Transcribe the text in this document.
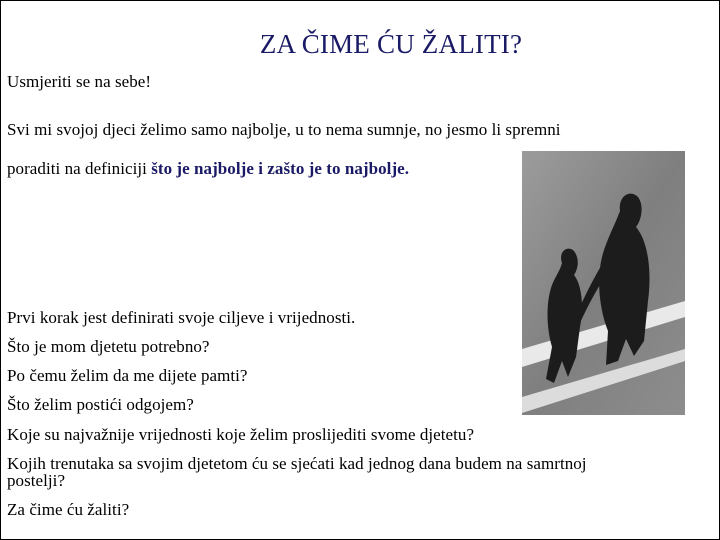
ZA ČIME ĆU ŽALITI?
Usmjeriti se na sebe!
Svi mi svojoj djeci želimo samo najbolje, u to nema sumnje, no jesmo li spremni
poraditi na definiciji što je najbolje i zašto je to najbolje.
Prvi korak jest definirati svoje ciljeve i vrijednosti.
Što je mom djetetu potrebno?
Po čemu želim da me dijete pamti?
Što želim postići odgojem?
Koje su najvažnije vrijednosti koje želim proslijediti svome djetetu?
Kojih trenutaka sa svojim djetetom ću se sjećati kad jednog dana budem na samrtnoj
postelji?
Za čime ću žaliti?
